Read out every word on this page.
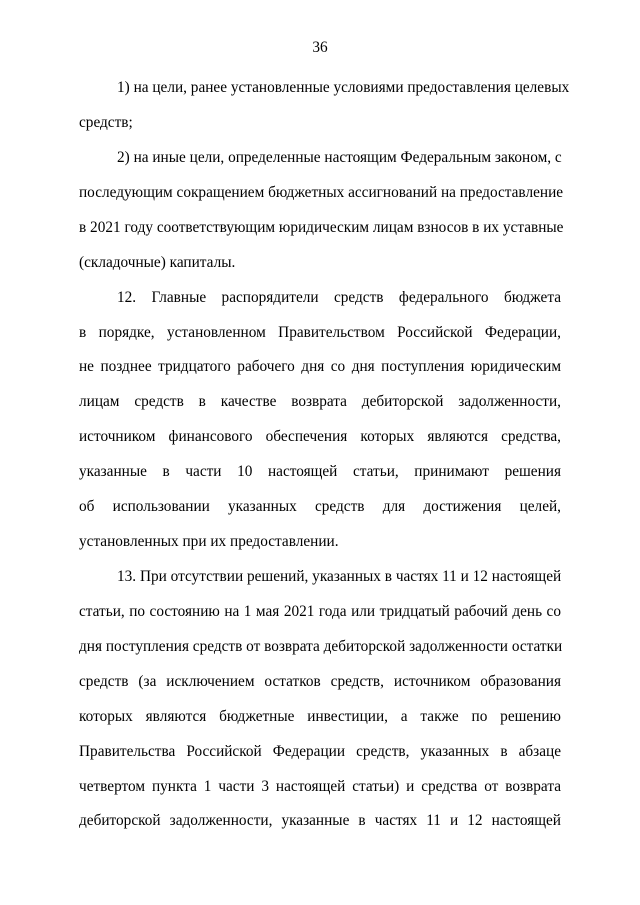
36
1) на цели, ранее установленные условиями предоставления целевых
средств;
2) на иные цели, определенные настоящим Федеральным законом, с
последующим сокращением бюджетных ассигнований на предоставление
в 2021 году соответствующим юридическим лицам взносов в их уставные
(складочные) капиталы.
12. Главные распорядители средств федерального бюджета
в порядке, установленном Правительством Российской Федерации,
не позднее тридцатого рабочего дня со дня поступления юридическим
лицам средств в качестве возврата дебиторской задолженности,
источником финансового обеспечения которых являются средства,
указанные в части 10 настоящей статьи, принимают решения
об использовании указанных средств для достижения целей,
установленных при их предоставлении.
13. При отсутствии решений, указанных в частях 11 и 12 настоящей
статьи, по состоянию на 1 мая 2021 года или тридцатый рабочий день со
дня поступления средств от возврата дебиторской задолженности остатки
средств (за исключением остатков средств, источником образования
которых являются бюджетные инвестиции, а также по решению
Правительства Российской Федерации средств, указанных в абзаце
четвертом пункта 1 части 3 настоящей статьи) и средства от возврата
дебиторской задолженности, указанные в частях 11 и 12 настоящей
